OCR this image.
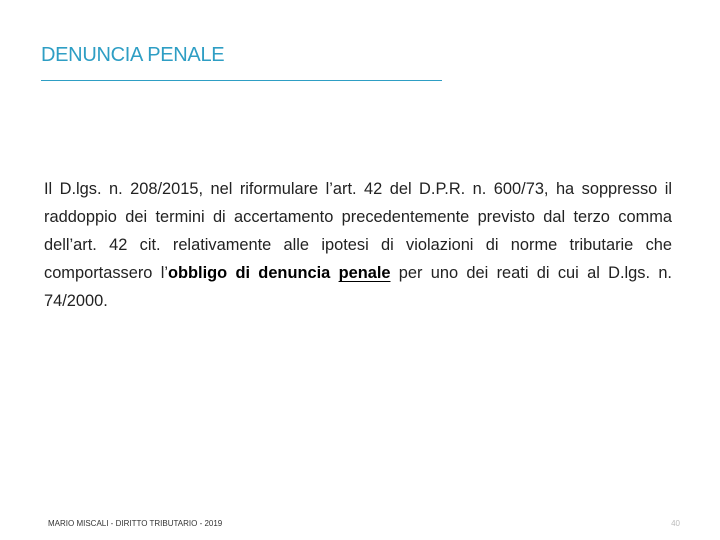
DENUNCIA PENALE

Il D.lgs. n. 208/2015, nel riformulare l’art. 42 del D.P.R. n. 600/73, ha soppresso il raddoppio dei termini di accertamento precedentemente previsto dal terzo comma dell’art. 42 cit. relativamente alle ipotesi di violazioni di norme tributarie che comportassero l’obbligo di denuncia penale per uno dei reati di cui al D.lgs. n. 74/2000.

MARIO MISCALI - DIRITTO TRIBUTARIO - 2019	40
